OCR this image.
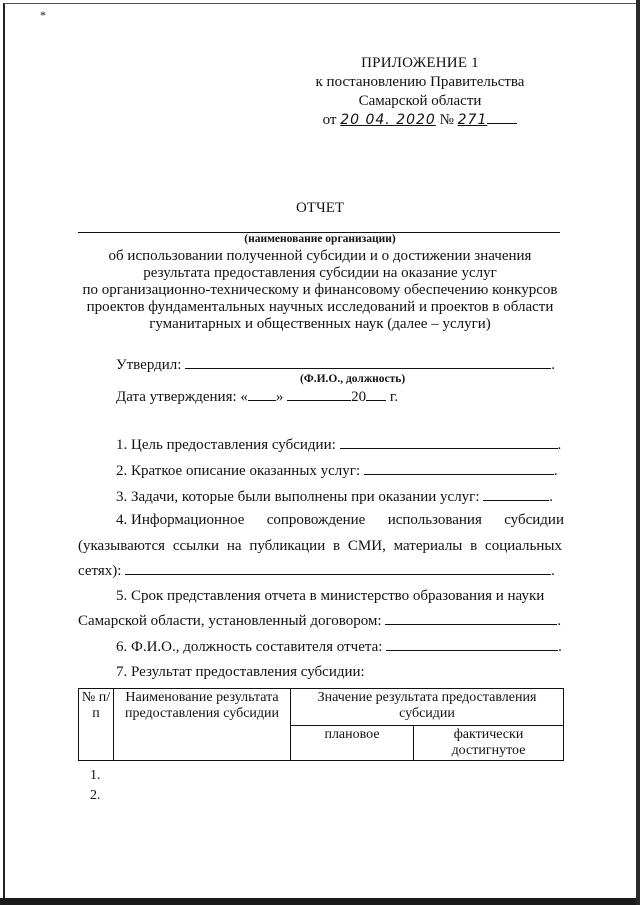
*
ПРИЛОЖЕНИЕ 1
к постановлению Правительства
Самарской области
от 20 04. 2020 № 271
ОТЧЕТ
(наименование организации)
об использовании полученной субсидии и о достижении значения
результата предоставления субсидии на оказание услуг
по организационно-техническому и финансовому обеспечению конкурсов
проектов фундаментальных научных исследований и проектов в области
гуманитарных и общественных наук (далее – услуги)
Утвердил:	.
(Ф.И.О., должность)
Дата утверждения: « »	20 г.
1. Цель предоставления субсидии:	.
2. Краткое описание оказанных услуг:	.
3. Задачи, которые были выполнены при оказании услуг:	.
4. Информационное сопровождение использования субсидии
(указываются ссылки на публикации в СМИ, материалы в социальных
сетях):	.
5. Срок представления отчета в министерство образования и науки
Самарской области, установленный договором:	.
6. Ф.И.О., должность составителя отчета:	.
7. Результат предоставления субсидии:
№ п/п	Наименование результата предоставления субсидии	Значение результата предоставления субсидии	
		плановое	фактически достигнутое
1.
2.
